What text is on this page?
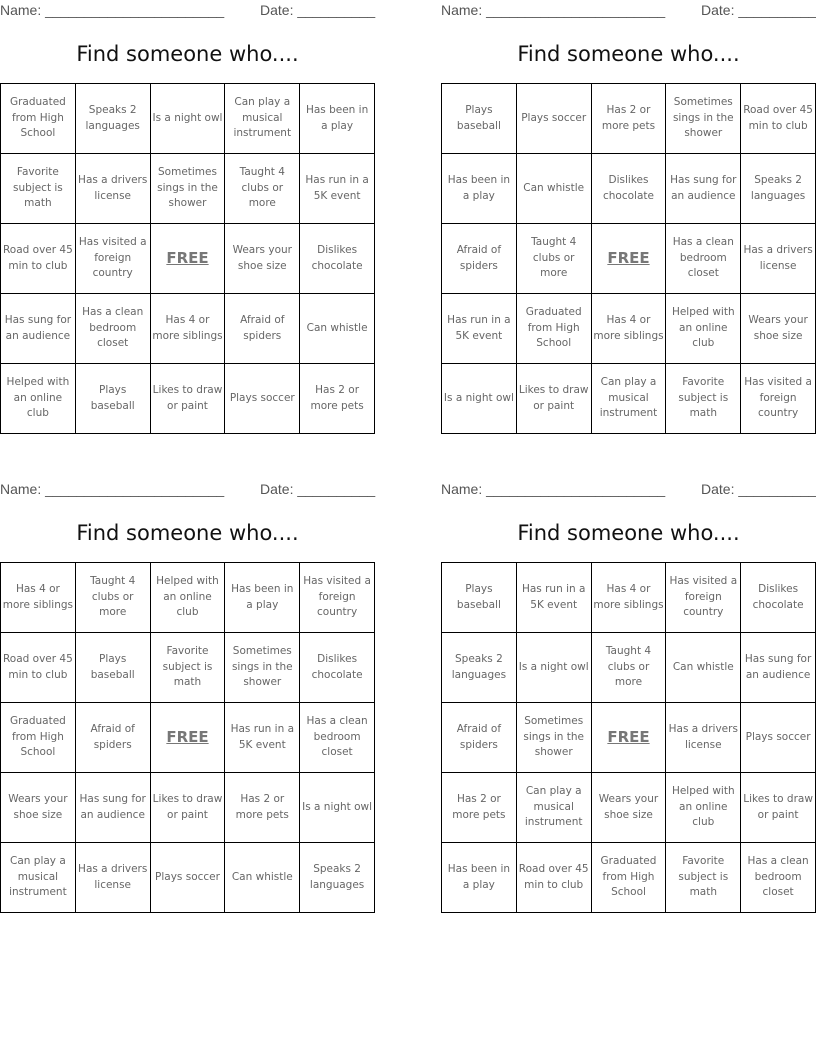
Name: _______________________	Date: __________
Find someone who....
Graduated from High School	Speaks 2 languages	Is a night owl	Can play a musical instrument	Has been in a play
Favorite subject is math	Has a drivers license	Sometimes sings in the shower	Taught 4 clubs or more	Has run in a 5K event
Road over 45 min to club	Has visited a foreign country	FREE	Wears your shoe size	Dislikes chocolate
Has sung for an audience	Has a clean bedroom closet	Has 4 or more siblings	Afraid of spiders	Can whistle
Helped with an online club	Plays baseball	Likes to draw or paint	Plays soccer	Has 2 or more pets
Name: _______________________	Date: __________
Find someone who....
Plays baseball	Plays soccer	Has 2 or more pets	Sometimes sings in the shower	Road over 45 min to club
Has been in a play	Can whistle	Dislikes chocolate	Has sung for an audience	Speaks 2 languages
Afraid of spiders	Taught 4 clubs or more	FREE	Has a clean bedroom closet	Has a drivers license
Has run in a 5K event	Graduated from High School	Has 4 or more siblings	Helped with an online club	Wears your shoe size
Is a night owl	Likes to draw or paint	Can play a musical instrument	Favorite subject is math	Has visited a foreign country
Name: _______________________	Date: __________
Find someone who....
Has 4 or more siblings	Taught 4 clubs or more	Helped with an online club	Has been in a play	Has visited a foreign country
Road over 45 min to club	Plays baseball	Favorite subject is math	Sometimes sings in the shower	Dislikes chocolate
Graduated from High School	Afraid of spiders	FREE	Has run in a 5K event	Has a clean bedroom closet
Wears your shoe size	Has sung for an audience	Likes to draw or paint	Has 2 or more pets	Is a night owl
Can play a musical instrument	Has a drivers license	Plays soccer	Can whistle	Speaks 2 languages
Name: _______________________	Date: __________
Find someone who....
Plays baseball	Has run in a 5K event	Has 4 or more siblings	Has visited a foreign country	Dislikes chocolate
Speaks 2 languages	Is a night owl	Taught 4 clubs or more	Can whistle	Has sung for an audience
Afraid of spiders	Sometimes sings in the shower	FREE	Has a drivers license	Plays soccer
Has 2 or more pets	Can play a musical instrument	Wears your shoe size	Helped with an online club	Likes to draw or paint
Has been in a play	Road over 45 min to club	Graduated from High School	Favorite subject is math	Has a clean bedroom closet
